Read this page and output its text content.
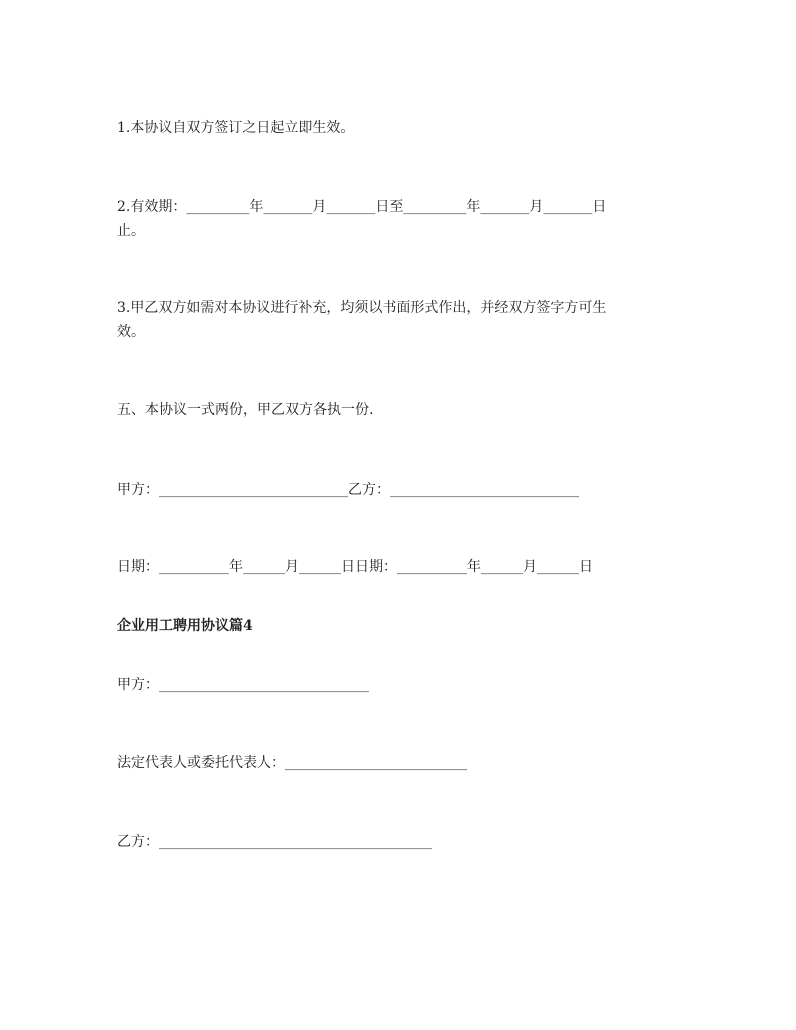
1.本协议自双方签订之日起立即生效。
2.有效期：_________年_______月_______日至_________年_______月_______日
止。
3.甲乙双方如需对本协议进行补充，均须以书面形式作出，并经双方签字方可生
效。
五、本协议一式两份，甲乙双方各执一份.
甲方：___________________________乙方：___________________________
日期：__________年______月______日日期：__________年______月______日
企业用工聘用协议篇4
甲方：______________________________
法定代表人或委托代表人：__________________________
乙方：_______________________________________
